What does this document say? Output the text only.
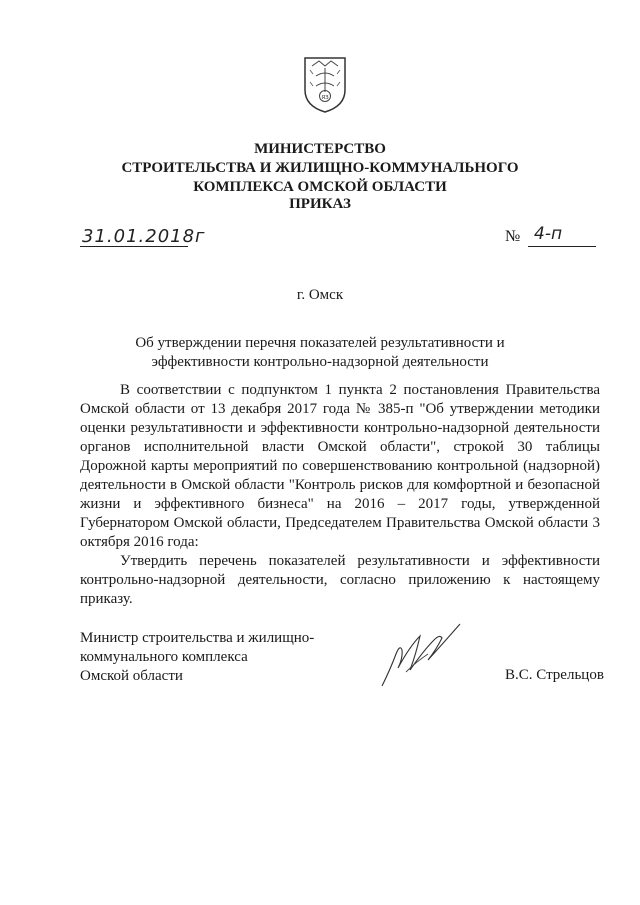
ЯЗ
МИНИСТЕРСТВО
СТРОИТЕЛЬСТВА И ЖИЛИЩНО-КОММУНАЛЬНОГО
КОМПЛЕКСА ОМСКОЙ ОБЛАСТИ
ПРИКАЗ
31.01.2018г	№ 4-п
г. Омск
Об утверждении перечня показателей результативности и эффективности контрольно-надзорной деятельности

В соответствии с подпунктом 1 пункта 2 постановления Правительства Омской области от 13 декабря 2017 года № 385-п "Об утверждении методики оценки результативности и эффективности контрольно-надзорной деятельности органов исполнительной власти Омской области", строкой 30 таблицы Дорожной карты мероприятий по совершенствованию контрольной (надзорной) деятельности в Омской области "Контроль рисков для комфортной и безопасной жизни и эффективного бизнеса" на 2016 – 2017 годы, утвержденной Губернатором Омской области, Председателем Правительства Омской области 3 октября 2016 года:

Утвердить перечень показателей результативности и эффективности контрольно-надзорной деятельности, согласно приложению к настоящему приказу.

Министр строительства и жилищно-
коммунального комплекса
Омской области	В.С. Стрельцов
